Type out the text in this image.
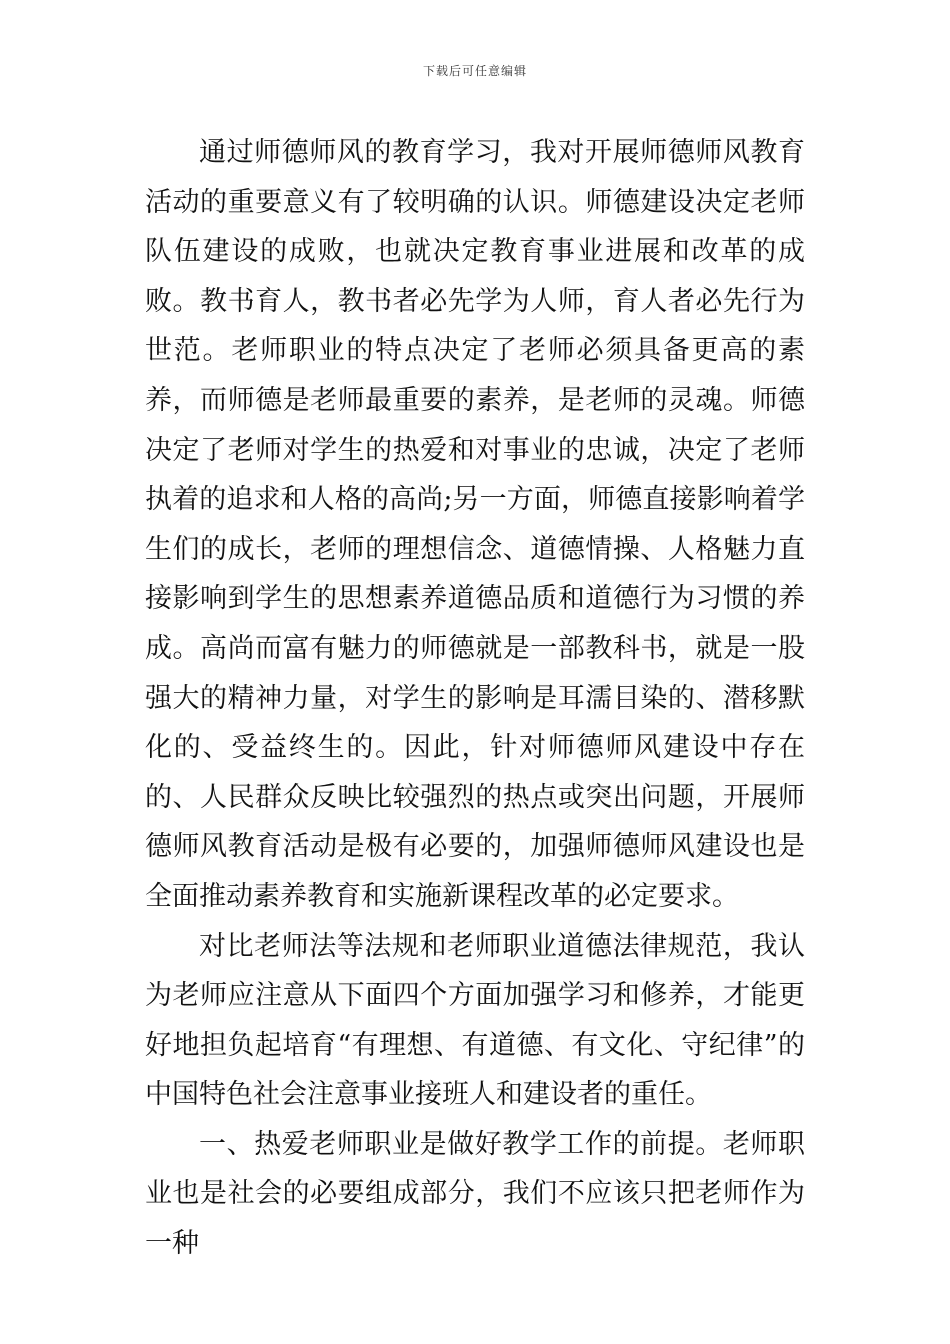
下载后可任意编辑

通过师德师风的教育学习，我对开展师德师风教育活动的重要意义有了较明确的认识。师德建设决定老师队伍建设的成败，也就决定教育事业进展和改革的成败。教书育人，教书者必先学为人师，育人者必先行为世范。老师职业的特点决定了老师必须具备更高的素养，而师德是老师最重要的素养，是老师的灵魂。师德决定了老师对学生的热爱和对事业的忠诚，决定了老师执着的追求和人格的高尚;另一方面，师德直接影响着学生们的成长，老师的理想信念、道德情操、人格魅力直接影响到学生的思想素养道德品质和道德行为习惯的养成。高尚而富有魅力的师德就是一部教科书，就是一股强大的精神力量，对学生的影响是耳濡目染的、潜移默化的、受益终生的。因此，针对师德师风建设中存在的、人民群众反映比较强烈的热点或突出问题，开展师德师风教育活动是极有必要的，加强师德师风建设也是全面推动素养教育和实施新课程改革的必定要求。

对比老师法等法规和老师职业道德法律规范，我认为老师应注意从下面四个方面加强学习和修养，才能更好地担负起培育“有理想、有道德、有文化、守纪律”的中国特色社会注意事业接班人和建设者的重任。

一、热爱老师职业是做好教学工作的前提。老师职业也是社会的必要组成部分，我们不应该只把老师作为一种
